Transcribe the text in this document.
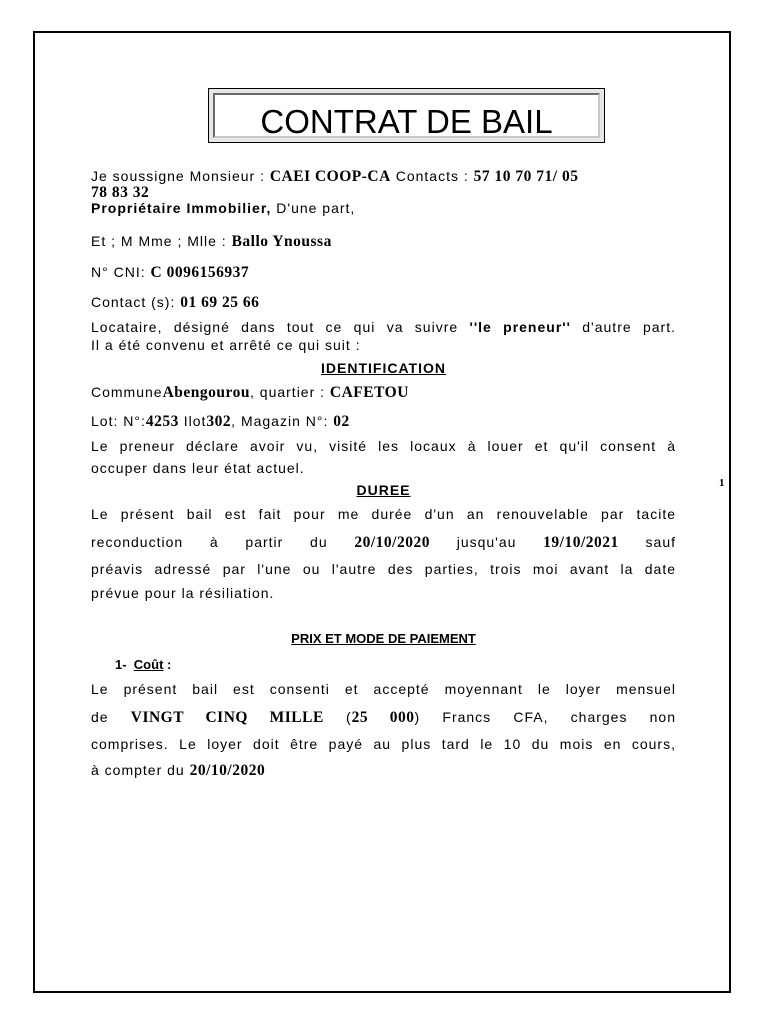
CONTRAT DE BAIL
Je soussigne Monsieur : CAEI COOP-CA Contacts : 57 10 70 71/ 05
78 83 32
Propriétaire Immobilier, D'une part,
Et ; M Mme ; Mlle : Ballo Ynoussa
N° CNI: C 0096156937
Contact (s): 01 69 25 66
Locataire, désigné dans tout ce qui va suivre ''le preneur'' d'autre part.
Il a été convenu et arrêté ce qui suit :
IDENTIFICATION
CommuneAbengourou, quartier : CAFETOU
Lot: N°:4253 Ilot302, Magazin N°: 02
Le preneur déclare avoir vu, visité les locaux à louer et qu'il consent à
occuper dans leur état actuel.
DUREE
Le présent bail est fait pour me durée d'un an renouvelable par tacite
reconduction à partir du 20/10/2020 jusqu'au 19/10/2021 sauf
préavis adressé par l'une ou l'autre des parties, trois moi avant la date
prévue pour la résiliation.
PRIX ET MODE DE PAIEMENT
1- Coût :
Le présent bail est consenti et accepté moyennant le loyer mensuel
de VINGT CINQ MILLE (25 000) Francs CFA, charges non
comprises. Le loyer doit être payé au plus tard le 10 du mois en cours,
à compter du 20/10/2020
1
